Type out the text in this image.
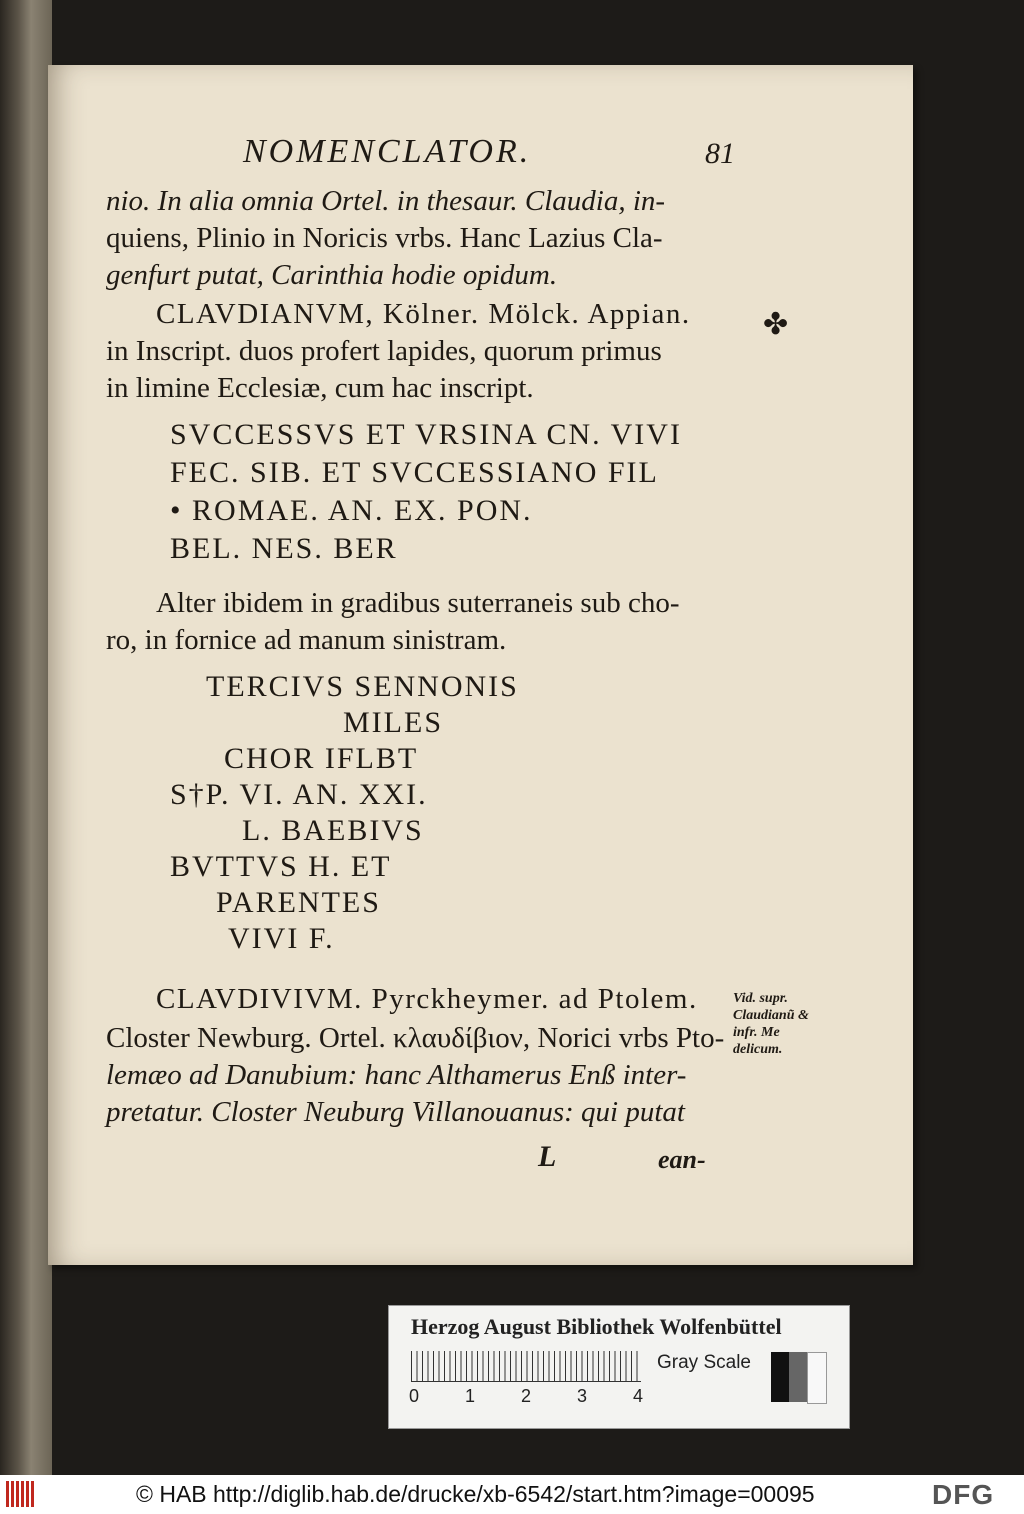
NOMENCLATOR.	81
nio. In alia omnia Ortel. in thesaur. Claudia, in-
quiens, Plinio in Noricis vrbs. Hanc Lazius Cla-
genfurt putat, Carinthia hodie opidum.
CLAVDIANVM, Kölner. Mölck. Appian.
in Inscript. duos profert lapides, quorum primus
in limine Ecclesiæ, cum hac inscript.
✤
SVCCESSVS ET VRSINA CN. VIVI
FEC. SIB. ET SVCCESSIANO FIL
• ROMAE. AN. EX. PON.
BEL. NES. BER
Alter ibidem in gradibus suterraneis sub cho-
ro, in fornice ad manum sinistram.
TERCIVS SENNONIS
MILES
CHOR IFLBT
S†P. VI. AN. XXI.
L. BAEBIVS
BVTTVS H. ET
PARENTES
VIVI F.
CLAVDIVIVM. Pyrckheymer. ad Ptolem.
Closter Newburg. Ortel. κλαυδίβιον, Norici vrbs Pto-
lemæo ad Danubium: hanc Althamerus Enß inter-
pretatur. Closter Neuburg Villanouanus: qui putat
Vid. supr. Claudianũ & infr. Me delicum.
L	ean-
Herzog August Bibliothek Wolfenbüttel
0	1	2	3	4
Gray Scale
© HAB http://diglib.hab.de/drucke/xb-6542/start.htm?image=00095	DFG
